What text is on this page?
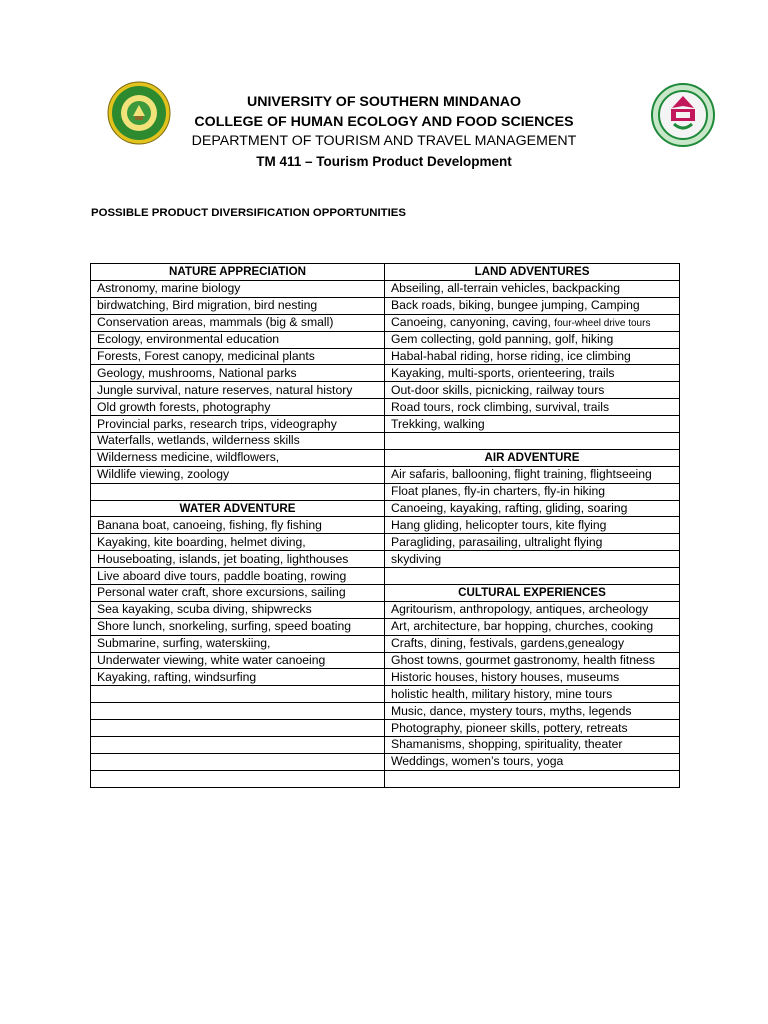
UNIVERSITY OF SOUTHERN MINDANAO
COLLEGE OF HUMAN ECOLOGY AND FOOD SCIENCES
DEPARTMENT OF TOURISM AND TRAVEL MANAGEMENT
TM 411 – Tourism Product Development
POSSIBLE PRODUCT DIVERSIFICATION OPPORTUNITIES
NATURE APPRECIATION	LAND ADVENTURES
Astronomy, marine biology	Abseiling, all-terrain vehicles, backpacking
birdwatching, Bird migration, bird nesting	Back roads, biking, bungee jumping, Camping
Conservation areas, mammals (big & small)	Canoeing, canyoning, caving, four-wheel drive tours
Ecology, environmental education	Gem collecting, gold panning, golf, hiking
Forests, Forest canopy, medicinal plants	Habal-habal riding, horse riding, ice climbing
Geology, mushrooms, National parks	Kayaking, multi-sports, orienteering, trails
Jungle survival, nature reserves, natural history	Out-door skills, picnicking, railway tours
Old growth forests, photography	Road tours, rock climbing, survival, trails
Provincial parks, research trips, videography	Trekking, walking
Waterfalls, wetlands, wilderness skills	
Wilderness medicine, wildflowers,	AIR ADVENTURE
Wildlife viewing, zoology	Air safaris, ballooning, flight training, flightseeing
	Float planes, fly-in charters, fly-in hiking
WATER ADVENTURE	Canoeing, kayaking, rafting, gliding, soaring
Banana boat, canoeing, fishing, fly fishing	Hang gliding, helicopter tours, kite flying
Kayaking, kite boarding, helmet diving,	Paragliding, parasailing, ultralight flying
Houseboating, islands, jet boating, lighthouses	skydiving
Live aboard dive tours, paddle boating, rowing	
Personal water craft, shore excursions, sailing	CULTURAL EXPERIENCES
Sea kayaking, scuba diving, shipwrecks	Agritourism, anthropology, antiques, archeology
Shore lunch, snorkeling, surfing, speed boating	Art, architecture, bar hopping, churches, cooking
Submarine, surfing, waterskiing,	Crafts, dining, festivals, gardens,genealogy
Underwater viewing, white water canoeing	Ghost towns, gourmet gastronomy, health fitness
Kayaking, rafting, windsurfing	Historic houses, history houses, museums
	holistic health, military history, mine tours
	Music, dance, mystery tours, myths, legends
	Photography, pioneer skills, pottery, retreats
	Shamanisms, shopping, spirituality, theater
	Weddings, women’s tours, yoga
